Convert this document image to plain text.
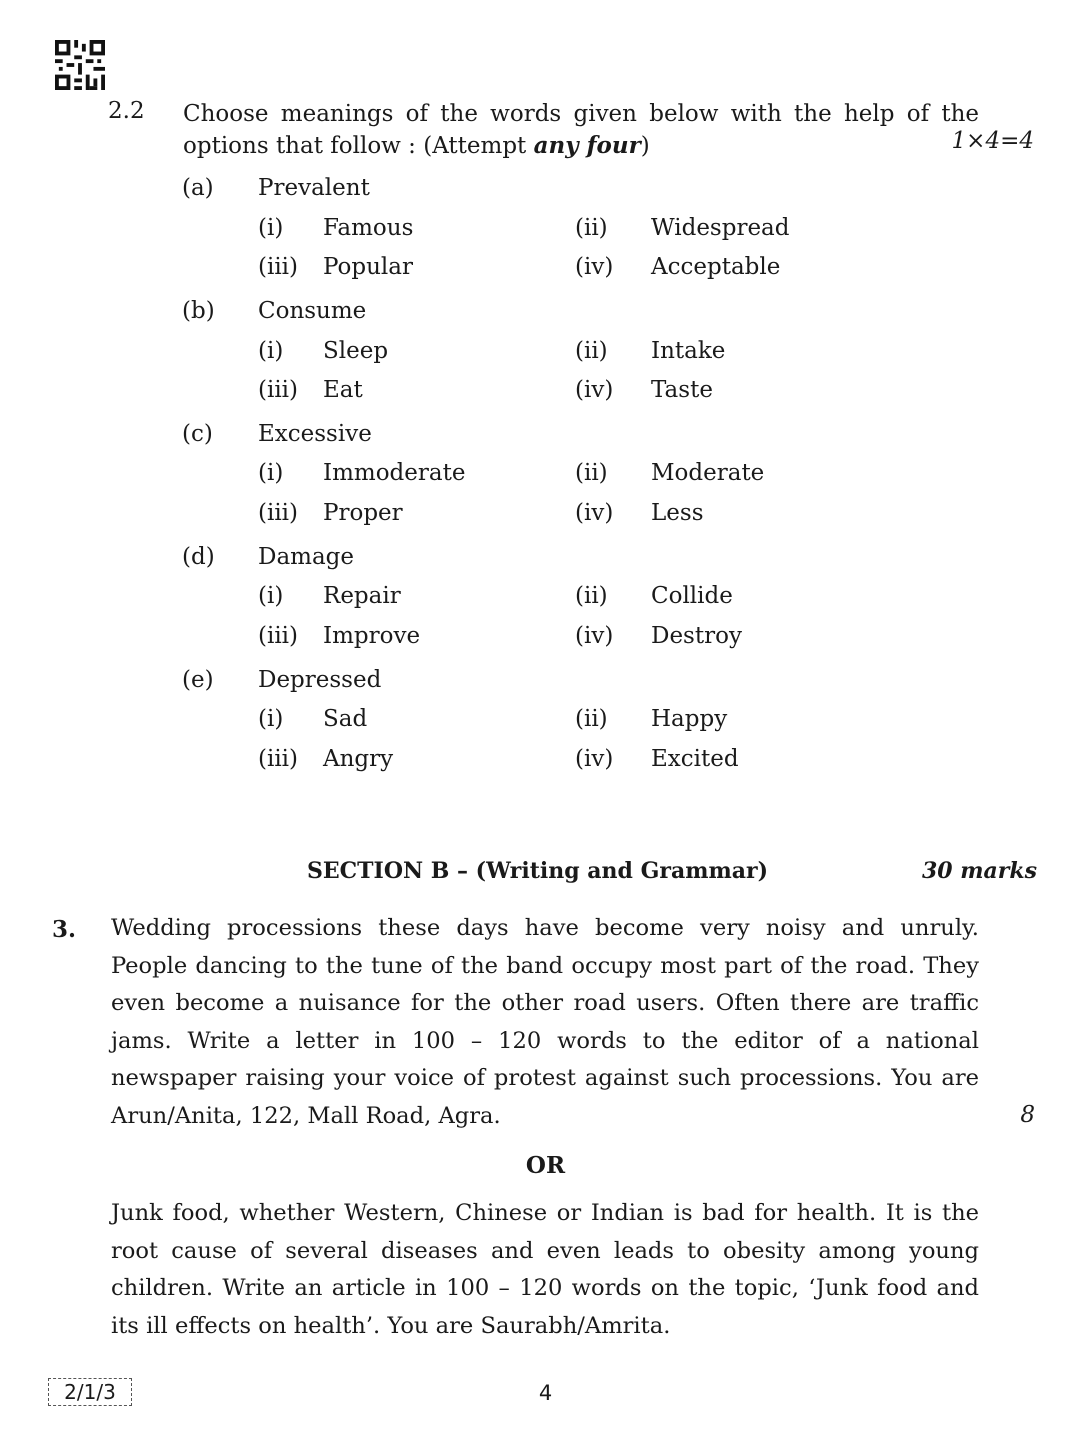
2.2 Choose meanings of the words given below with the help of the
options that follow : (Attempt any four)	1×4=4
(a) Prevalent
(i) Famous	(ii) Widespread
(iii) Popular	(iv) Acceptable
(b) Consume
(i) Sleep	(ii) Intake
(iii) Eat	(iv) Taste
(c) Excessive
(i) Immoderate	(ii) Moderate
(iii) Proper	(iv) Less
(d) Damage
(i) Repair	(ii) Collide
(iii) Improve	(iv) Destroy
(e) Depressed
(i) Sad	(ii) Happy
(iii) Angry	(iv) Excited
SECTION B – (Writing and Grammar)	30 marks
3. Wedding processions these days have become very noisy and unruly.

People dancing to the tune of the band occupy most part of the road. They

even become a nuisance for the other road users. Often there are traffic

jams. Write a letter in 100 – 120 words to the editor of a national

newspaper raising your voice of protest against such processions. You are

Arun/Anita, 122, Mall Road, Agra.	8
OR

Junk food, whether Western, Chinese or Indian is bad for health. It is the

root cause of several diseases and even leads to obesity among young

children. Write an article in 100 – 120 words on the topic, ‘Junk food and

its ill effects on health’. You are Saurabh/Amrita.

2/1/3	4
